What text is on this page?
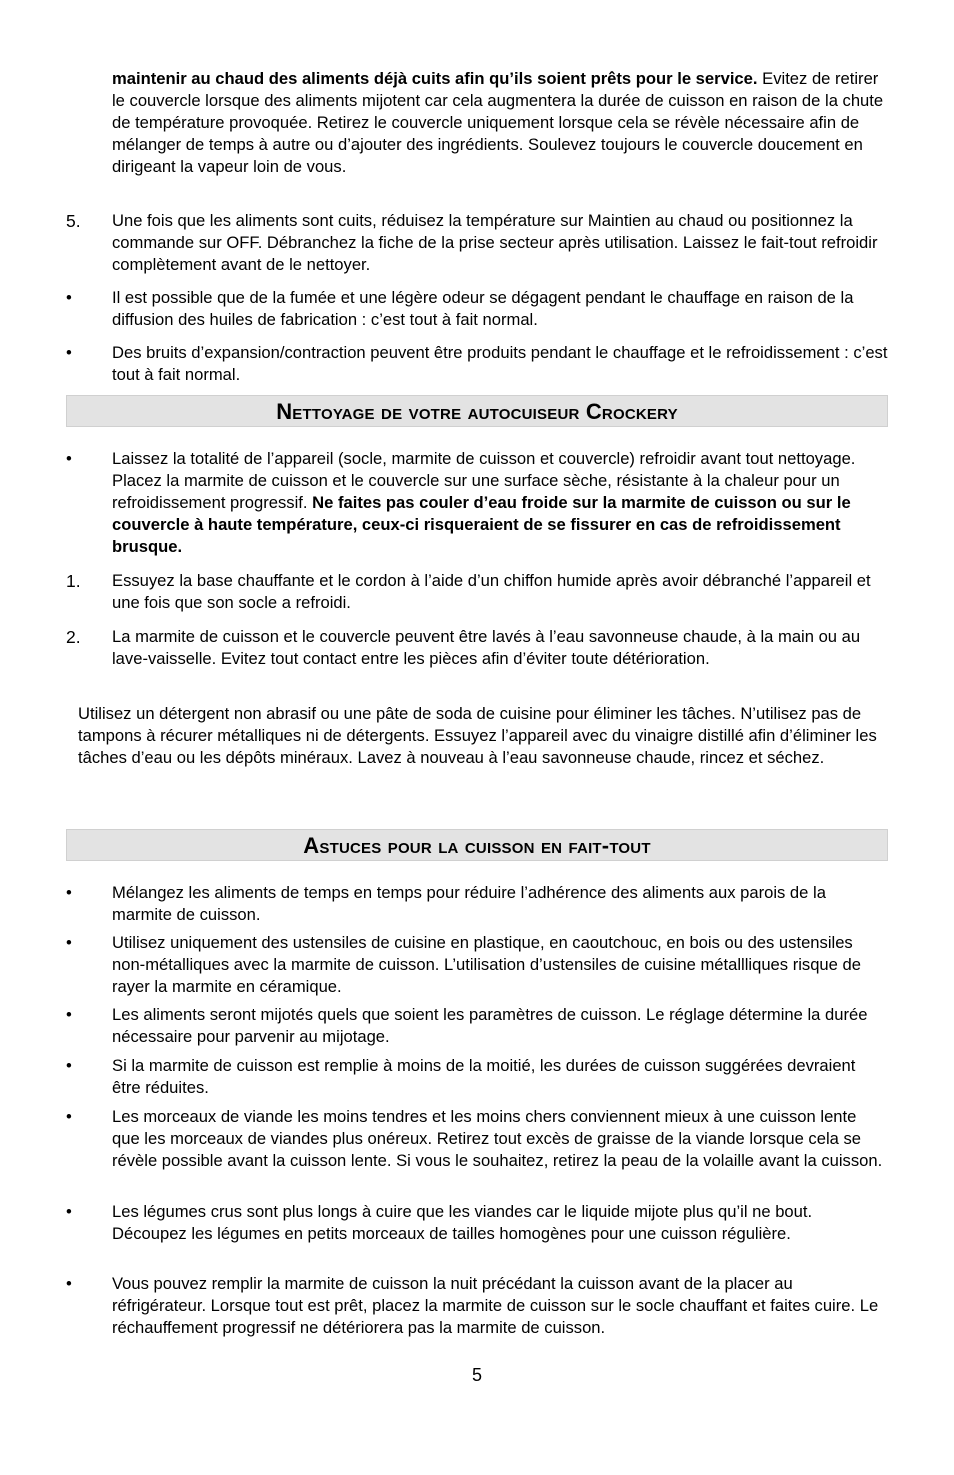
maintenir au chaud des aliments déjà cuits afin qu’ils soient prêts pour le service. Evitez de retirer le couvercle lorsque des aliments mijotent car cela augmentera la durée de cuisson en raison de la chute de température provoquée. Retirez le couvercle uniquement lorsque cela se révèle nécessaire afin de mélanger de temps à autre ou d’ajouter des ingrédients. Soulevez toujours le couvercle doucement en dirigeant la vapeur loin de vous.

5.	Une fois que les aliments sont cuits, réduisez la température sur Maintien au chaud ou positionnez la commande sur OFF. Débranchez la fiche de la prise secteur après utilisation. Laissez le fait-tout refroidir complètement avant de le nettoyer.
•	Il est possible que de la fumée et une légère odeur se dégagent pendant le chauffage en raison de la diffusion des huiles de fabrication : c’est tout à fait normal.
•	Des bruits d’expansion/contraction peuvent être produits pendant le chauffage et le refroidissement : c’est tout à fait normal.
Nettoyage de votre autocuiseur Crockery
•	Laissez la totalité de l’appareil (socle, marmite de cuisson et couvercle) refroidir avant tout nettoyage. Placez la marmite de cuisson et le couvercle sur une surface sèche, résistante à la chaleur pour un refroidissement progressif. Ne faites pas couler d’eau froide sur la marmite de cuisson ou sur le couvercle à haute température, ceux-ci risqueraient de se fissurer en cas de refroidissement brusque.
1.	Essuyez la base chauffante et le cordon à l’aide d’un chiffon humide après avoir débranché l’appareil et une fois que son socle a refroidi.
2.	La marmite de cuisson et le couvercle peuvent être lavés à l’eau savonneuse chaude, à la main ou au lave-vaisselle. Evitez tout contact entre les pièces afin d’éviter toute détérioration.

Utilisez un détergent non abrasif ou une pâte de soda de cuisine pour éliminer les tâches. N’utilisez pas de tampons à récurer métalliques ni de détergents. Essuyez l’appareil avec du vinaigre distillé afin d’éliminer les tâches d’eau ou les dépôts minéraux. Lavez à nouveau à l’eau savonneuse chaude, rincez et séchez.

Astuces pour la cuisson en fait-tout
•	Mélangez les aliments de temps en temps pour réduire l’adhérence des aliments aux parois de la marmite de cuisson.
•	Utilisez uniquement des ustensiles de cuisine en plastique, en caoutchouc, en bois ou des ustensiles non-métalliques avec la marmite de cuisson. L’utilisation d’ustensiles de cuisine métallliques risque de rayer la marmite en céramique.
•	Les aliments seront mijotés quels que soient les paramètres de cuisson. Le réglage détermine la durée nécessaire pour parvenir au mijotage.
•	Si la marmite de cuisson est remplie à moins de la moitié, les durées de cuisson suggérées devraient être réduites.
•	Les morceaux de viande les moins tendres et les moins chers conviennent mieux à une cuisson lente que les morceaux de viandes plus onéreux. Retirez tout excès de graisse de la viande lorsque cela se révèle possible avant la cuisson lente. Si vous le souhaitez, retirez la peau de la volaille avant la cuisson.
•	Les légumes crus sont plus longs à cuire que les viandes car le liquide mijote plus qu’il ne bout. Découpez les légumes en petits morceaux de tailles homogènes pour une cuisson régulière.
•	Vous pouvez remplir la marmite de cuisson la nuit précédant la cuisson avant de la placer au réfrigérateur. Lorsque tout est prêt, placez la marmite de cuisson sur le socle chauffant et faites cuire. Le réchauffement progressif ne détériorera pas la marmite de cuisson.
5
